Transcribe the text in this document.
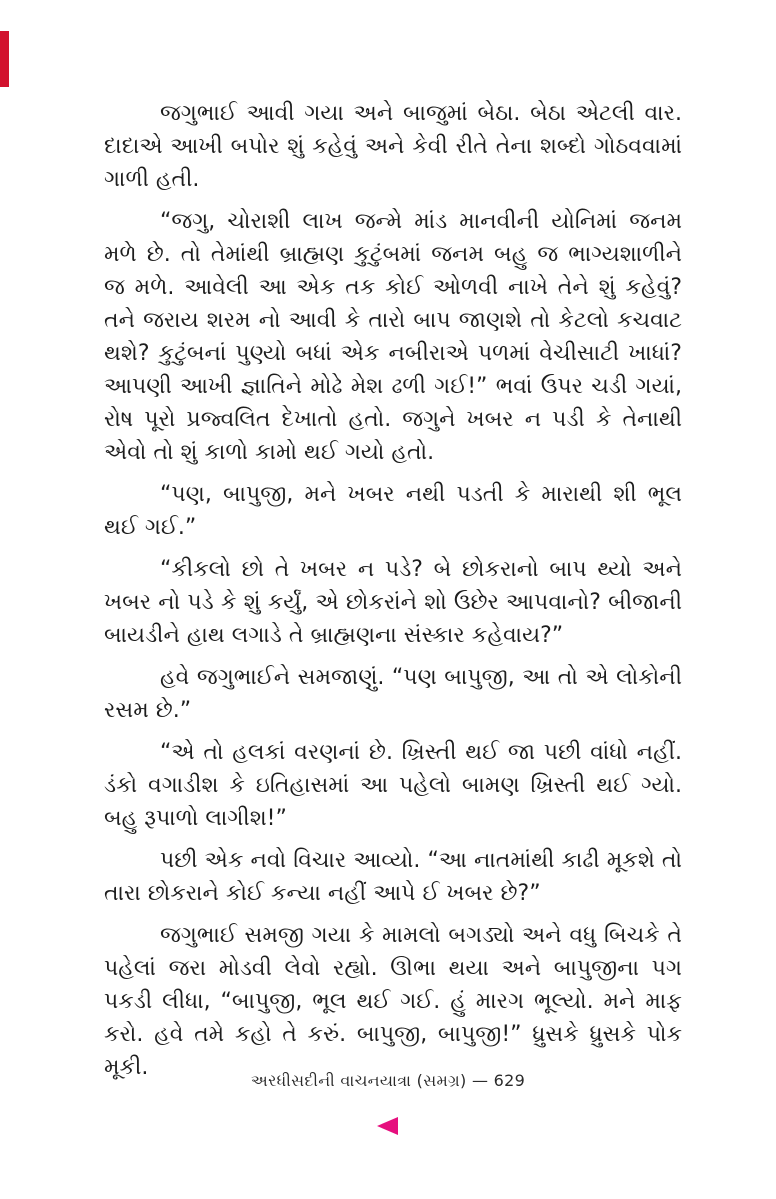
જગુભાઈ આવી ગયા અને બાજુમાં બેઠા. બેઠા એટલી વાર. દાદાએ આખી બપોર શું કહેવું અને કેવી રીતે તેના શબ્દો ગોઠવવામાં ગાળી હતી.

“જગુ, ચોરાશી લાખ જન્મે માંડ માનવીની યોનિમાં જનમ મળે છે. તો તેમાંથી બ્રાહ્મણ કુટુંબમાં જનમ બહુ જ ભાગ્યશાળીને જ મળે. આવેલી આ એક તક કોઈ ઓળવી નાખે તેને શું કહેવું? તને જરાય શરમ નો આવી કે તારો બાપ જાણશે તો કેટલો કચવાટ થશે? કુટુંબનાં પુણ્યો બધાં એક નબીરાએ પળમાં વેચીસાટી ખાધાં? આપણી આખી જ્ઞાતિને મોઢે મેશ ઢળી ગઈ!” ભવાં ઉપર ચડી ગયાં, રોષ પૂરો પ્રજ્વલિત દેખાતો હતો. જગુને ખબર ન પડી કે તેનાથી એવો તો શું કાળો કામો થઈ ગયો હતો.

“પણ, બાપુજી, મને ખબર નથી પડતી કે મારાથી શી ભૂલ થઈ ગઈ.”

“કીકલો છો તે ખબર ન પડે? બે છોકરાનો બાપ થ્યો અને ખબર નો પડે કે શું કર્યું, એ છોકરાંને શો ઉછેર આપવાનો? બીજાની બાયડીને હાથ લગાડે તે બ્રાહ્મણના સંસ્કાર કહેવાય?”

હવે જગુભાઈને સમજાણું. “પણ બાપુજી, આ તો એ લોકોની રસમ છે.”

“એ તો હલકાં વરણનાં છે. ખ્રિસ્તી થઈ જા પછી વાંધો નહીં. ડંકો વગાડીશ કે ઇતિહાસમાં આ પહેલો બામણ ખ્રિસ્તી થઈ ગ્યો. બહુ રૂપાળો લાગીશ!”

પછી એક નવો વિચાર આવ્યો. “આ નાતમાંથી કાઢી મૂકશે તો તારા છોકરાને કોઈ કન્યા નહીં આપે ઈ ખબર છે?”

જગુભાઈ સમજી ગયા કે મામલો બગડ્યો અને વધુ બિચકે તે પહેલાં જરા મોડવી લેવો રહ્યો. ઊભા થયા અને બાપુજીના પગ પકડી લીધા, “બાપુજી, ભૂલ થઈ ગઈ. હું મારગ ભૂલ્યો. મને માફ કરો. હવે તમે કહો તે કરું. બાપુજી, બાપુજી!” ધ્રુસકે ધ્રુસકે પોક મૂકી.

અરધીસદીની વાચનયાત્રા (સમગ્ર) — 629
